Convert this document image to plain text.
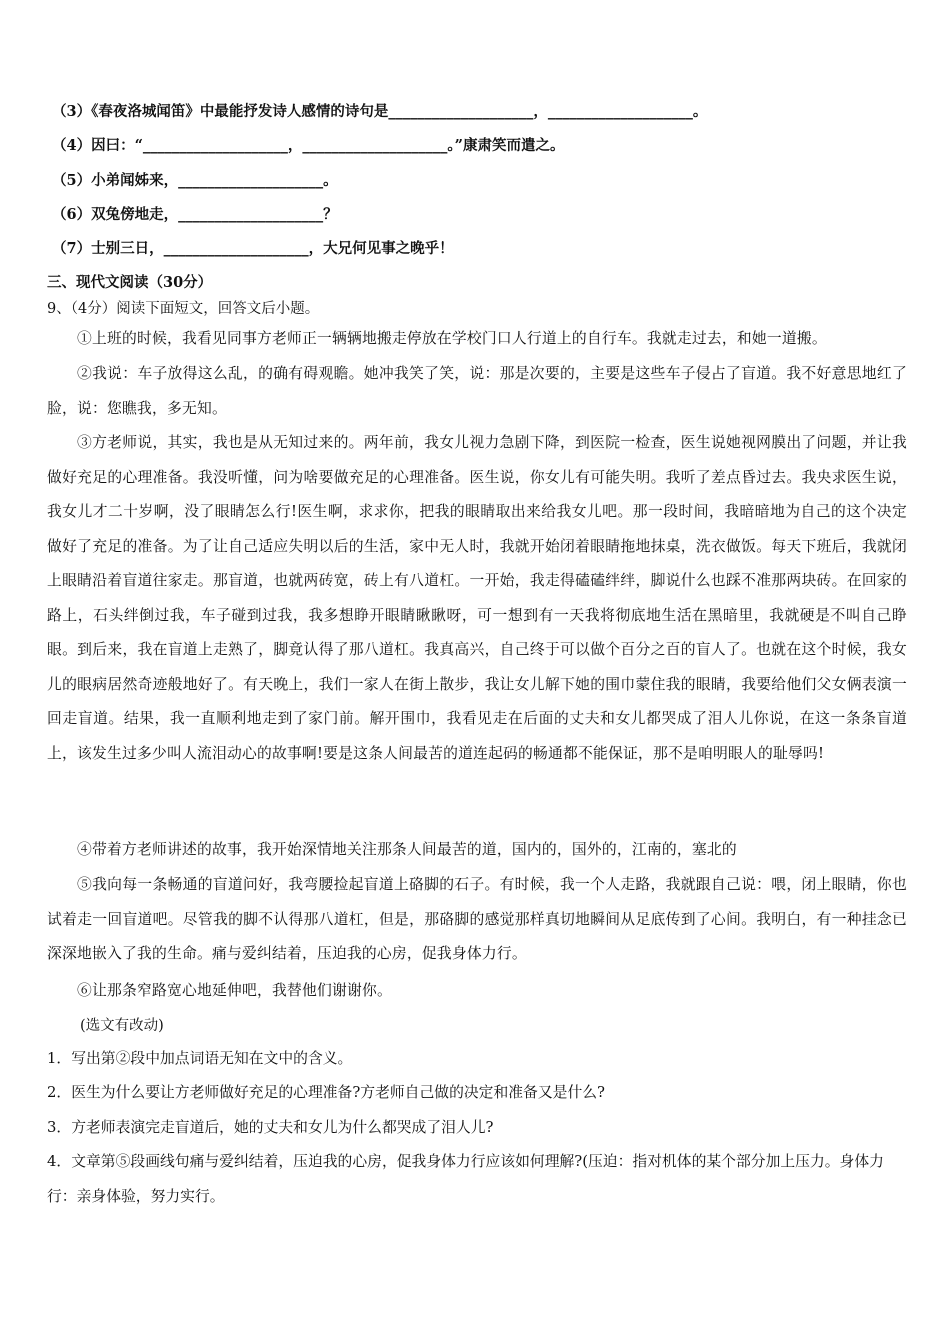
（3）《春夜洛城闻笛》中最能抒发诗人感情的诗句是____________________，____________________。
（4）因曰：“____________________，____________________。”康肃笑而遣之。
（5）小弟闻姊来，____________________。
（6）双兔傍地走，____________________？
（7）士别三日，____________________，大兄何见事之晚乎！
三、现代文阅读（30分）
9、（4分）阅读下面短文，回答文后小题。
①上班的时候，我看见同事方老师正一辆辆地搬走停放在学校门口人行道上的自行车。我就走过去，和她一道搬。
②我说：车子放得这么乱，的确有碍观瞻。她冲我笑了笑，说：那是次要的，主要是这些车子侵占了盲道。我不好意思地红了脸，说：您瞧我，多无知。
③方老师说，其实，我也是从无知过来的。两年前，我女儿视力急剧下降，到医院一检查，医生说她视网膜出了问题，并让我做好充足的心理准备。我没听懂，问为啥要做充足的心理准备。医生说，你女儿有可能失明。我听了差点昏过去。我央求医生说，我女儿才二十岁啊，没了眼睛怎么行!医生啊，求求你，把我的眼睛取出来给我女儿吧。那一段时间，我暗暗地为自己的这个决定做好了充足的准备。为了让自己适应失明以后的生活，家中无人时，我就开始闭着眼睛拖地抹桌，洗衣做饭。每天下班后，我就闭上眼睛沿着盲道往家走。那盲道，也就两砖宽，砖上有八道杠。一开始，我走得磕磕绊绊，脚说什么也踩不准那两块砖。在回家的路上，石头绊倒过我，车子碰到过我，我多想睁开眼睛瞅瞅呀，可一想到有一天我将彻底地生活在黑暗里，我就硬是不叫自己睁眼。到后来，我在盲道上走熟了，脚竟认得了那八道杠。我真高兴，自己终于可以做个百分之百的盲人了。也就在这个时候，我女儿的眼病居然奇迹般地好了。有天晚上，我们一家人在街上散步，我让女儿解下她的围巾蒙住我的眼睛，我要给他们父女俩表演一回走盲道。结果，我一直顺利地走到了家门前。解开围巾，我看见走在后面的丈夫和女儿都哭成了泪人儿你说，在这一条条盲道上，该发生过多少叫人流泪动心的故事啊!要是这条人间最苦的道连起码的畅通都不能保证，那不是咱明眼人的耻辱吗!
④带着方老师讲述的故事，我开始深情地关注那条人间最苦的道，国内的，国外的，江南的，塞北的
⑤我向每一条畅通的盲道问好，我弯腰捡起盲道上硌脚的石子。有时候，我一个人走路，我就跟自己说：喂，闭上眼睛，你也试着走一回盲道吧。尽管我的脚不认得那八道杠，但是，那硌脚的感觉那样真切地瞬间从足底传到了心间。我明白，有一种挂念已深深地嵌入了我的生命。痛与爱纠结着，压迫我的心房，促我身体力行。
⑥让那条窄路宽心地延伸吧，我替他们谢谢你。
(选文有改动)
1．写出第②段中加点词语无知在文中的含义。
2．医生为什么要让方老师做好充足的心理准备?方老师自己做的决定和准备又是什么?
3．方老师表演完走盲道后，她的丈夫和女儿为什么都哭成了泪人儿?
4．文章第⑤段画线句痛与爱纠结着，压迫我的心房，促我身体力行应该如何理解?(压迫：指对机体的某个部分加上压力。身体力行：亲身体验，努力实行。
